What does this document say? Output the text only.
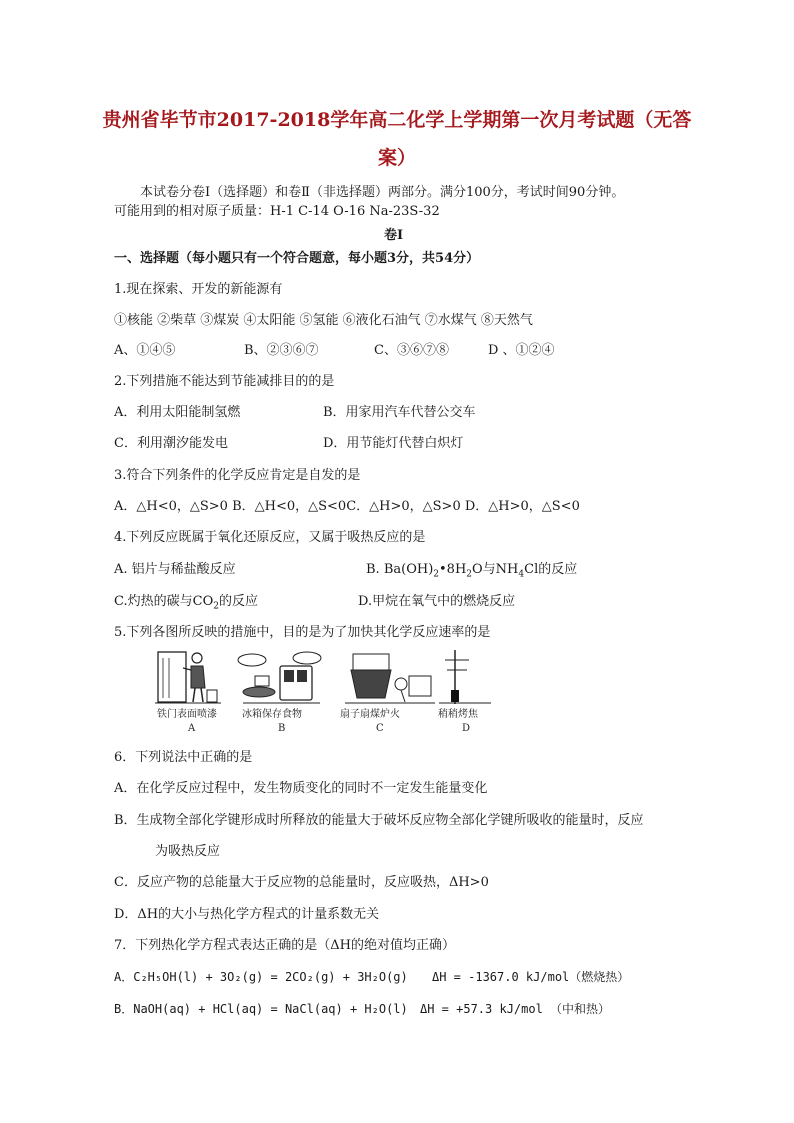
贵州省毕节市2017-2018学年高二化学上学期第一次月考试题（无答
案）
本试卷分卷Ⅰ（选择题）和卷Ⅱ（非选择题）两部分。满分100分，考试时间90分钟。
可能用到的相对原子质量：H-1 C-14 O-16 Na-23S-32
卷Ⅰ
一、选择题（每小题只有一个符合题意，每小题3分，共54分）
1.现在探索、开发的新能源有
①核能 ②柴草 ③煤炭 ④太阳能 ⑤氢能 ⑥液化石油气 ⑦水煤气 ⑧天然气
A、①④⑤	B、②③⑥⑦	C、③⑥⑦⑧	D 、①②④
2.下列措施不能达到节能减排目的的是
A．利用太阳能制氢燃	B．用家用汽车代替公交车
C．利用潮汐能发电	D．用节能灯代替白炽灯
3.符合下列条件的化学反应肯定是自发的是
A．△H<0，△S>0 B．△H<0，△S<0C．△H>0，△S>0 D．△H>0，△S<0
4.下列反应既属于氧化还原反应，又属于吸热反应的是
A. 铝片与稀盐酸反应	B. $Ba(OH)_2•8H_2O$与$NH_4Cl$的反应
C.灼热的碳与$CO_2$的反应	D.甲烷在氧气中的燃烧反应
5.下列各图所反映的措施中，目的是为了加快其化学反应速率的是
铁门表面喷漆	冰箱保存食物	扇子扇煤炉火	稍稍烤焦
A	B	C	D
6．下列说法中正确的是
A．在化学反应过程中，发生物质变化的同时不一定发生能量变化
B．生成物全部化学键形成时所释放的能量大于破坏反应物全部化学键所吸收的能量时，反应
为吸热反应
C．反应产物的总能量大于反应物的总能量时，反应吸热，ΔH>0
D．ΔH的大小与热化学方程式的计量系数无关
7．下列热化学方程式表达正确的是（ΔH的绝对值均正确）
A．C₂H₅OH(l) + 3O₂(g) = 2CO₂(g) + 3H₂O(g) ΔH = -1367.0 kJ/mol（燃烧热）
B．NaOH(aq) + HCl(aq) = NaCl(aq) + H₂O(l) ΔH = +57.3 kJ/mol （中和热）
